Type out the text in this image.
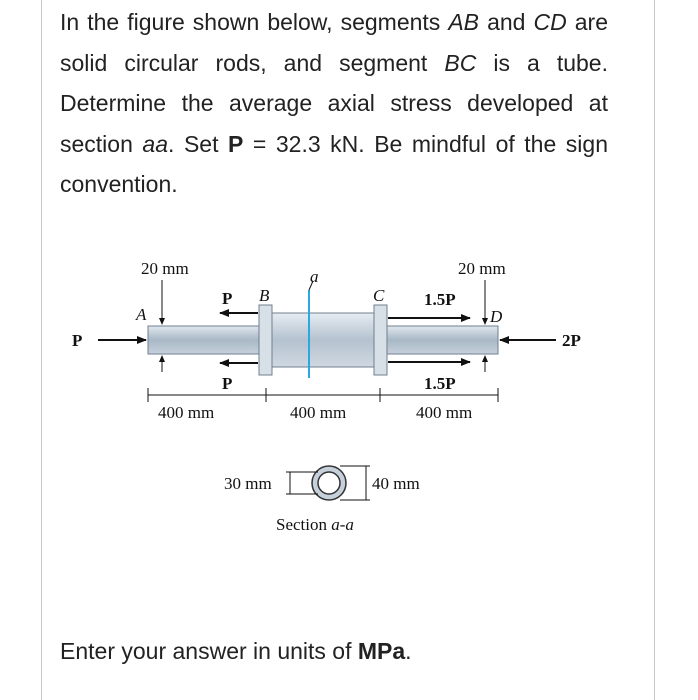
In the figure shown below, segments AB and CD are solid circular rods, and segment BC is a tube. Determine the average axial stress developed at section aa. Set P = 32.3 kN. Be mindful of the sign convention.
a
P	2P
P
P
1.5P
1.5P
A
B	C
D
20 mm	20 mm
400 mm	400 mm	400 mm
30 mm	40 mm
Section a-a
Enter your answer in units of MPa.
